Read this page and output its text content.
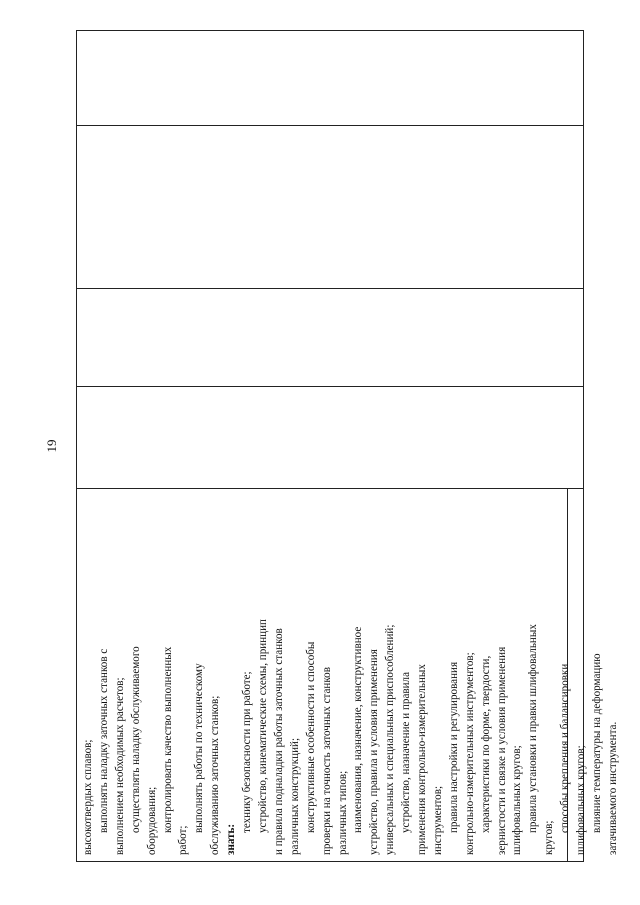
19
высокотвердых сплавов; выполнять наладку заточных станков с выполнением необходимых расчетов; осуществлять наладку обслуживаемого оборудования; контролировать качество выполненных
работ;
выполнять работы по техническому обслуживанию заточных станков; знать:
технику безопасности при работе; устройство, кинематические схемы, принцип и правила подналадки работы заточных станков различных конструкций; конструктивные особенности и способы проверки на точность заточных станков различных типов; наименования, назначение, конструктивное устройство, правила и условия применения универсальных и специальных приспособлений; устройство, назначение и правила применения контрольно-измерительных инструментов; правила настройки и регулирования контрольно-измерительных инструментов; характеристики по форме, твердости, зернистости и связке и условия применения шлифовальных кругов; правила установки и правки шлифовальных
кругов;
способы крепления и балансировки шлифовальных кругов; влияние температуры на деформацию затачиваемого инструмента.
